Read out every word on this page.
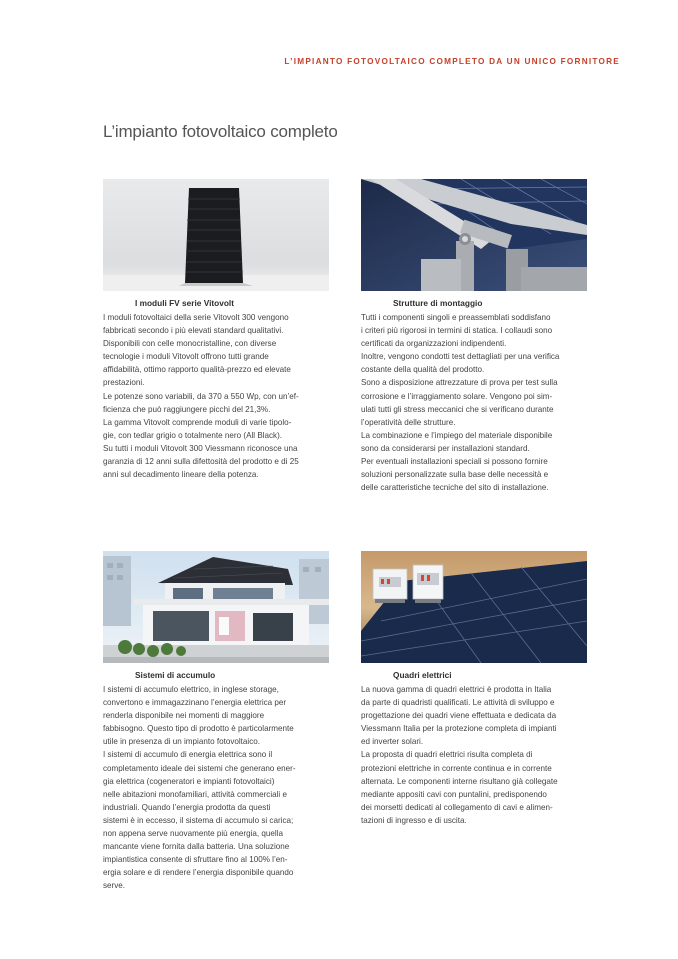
L’IMPIANTO FOTOVOLTAICO COMPLETO DA UN UNICO FORNITORE
L’impianto fotovoltaico completo
I moduli FV serie Vitovolt

I moduli fotovoltaici della serie Vitovolt 300 vengono
fabbricati secondo i più elevati standard qualitativi.
Disponibili con celle monocristalline, con diverse
tecnologie i moduli Vitovolt offrono tutti grande
affidabilità, ottimo rapporto qualità-prezzo ed elevate
prestazioni.
Le potenze sono variabili, da 370 a 550 Wp, con un’ef-
ficienza che può raggiungere picchi del 21,3%.
La gamma Vitovolt comprende moduli di varie tipolo-
gie, con tedlar grigio o totalmente nero (All Black).
Su tutti i moduli Vitovolt 300 Viessmann riconosce una
garanzia di 12 anni sulla difettosità del prodotto e di 25
anni sul decadimento lineare della potenza.

Strutture di montaggio

Tutti i componenti singoli e preassemblati soddisfano
i criteri più rigorosi in termini di statica. I collaudi sono
certificati da organizzazioni indipendenti.
Inoltre, vengono condotti test dettagliati per una verifica
costante della qualità del prodotto.
Sono a disposizione attrezzature di prova per test sulla
corrosione e l’irraggiamento solare. Vengono poi sim-
ulati tutti gli stress meccanici che si verificano durante
l’operatività delle strutture.
La combinazione e l’impiego del materiale disponibile
sono da considerarsi per installazioni standard.
Per eventuali installazioni speciali si possono fornire
soluzioni personalizzate sulla base delle necessità e
delle caratteristiche tecniche del sito di installazione.

Sistemi di accumulo

I sistemi di accumulo elettrico, in inglese storage,
convertono e immagazzinano l’energia elettrica per
renderla disponibile nei momenti di maggiore
fabbisogno. Questo tipo di prodotto è particolarmente
utile in presenza di un impianto fotovoltaico.
I sistemi di accumulo di energia elettrica sono il
completamento ideale dei sistemi che generano ener-
gia elettrica (cogeneratori e impianti fotovoltaici)
nelle abitazioni monofamiliari, attività commerciali e
industriali. Quando l’energia prodotta da questi
sistemi è in eccesso, il sistema di accumulo si carica;
non appena serve nuovamente più energia, quella
mancante viene fornita dalla batteria. Una soluzione
impiantistica consente di sfruttare fino al 100% l’en-
ergia solare e di rendere l’energia disponibile quando
serve.

Quadri elettrici

La nuova gamma di quadri elettrici è prodotta in Italia
da parte di quadristi qualificati. Le attività di sviluppo e
progettazione dei quadri viene effettuata e dedicata da
Viessmann Italia per la protezione completa di impianti
ed inverter solari.
La proposta di quadri elettrici risulta completa di
protezioni elettriche in corrente continua e in corrente
alternata. Le componenti interne risultano già collegate
mediante appositi cavi con puntalini, predisponendo
dei morsetti dedicati al collegamento di cavi e alimen-
tazioni di ingresso e di uscita.
